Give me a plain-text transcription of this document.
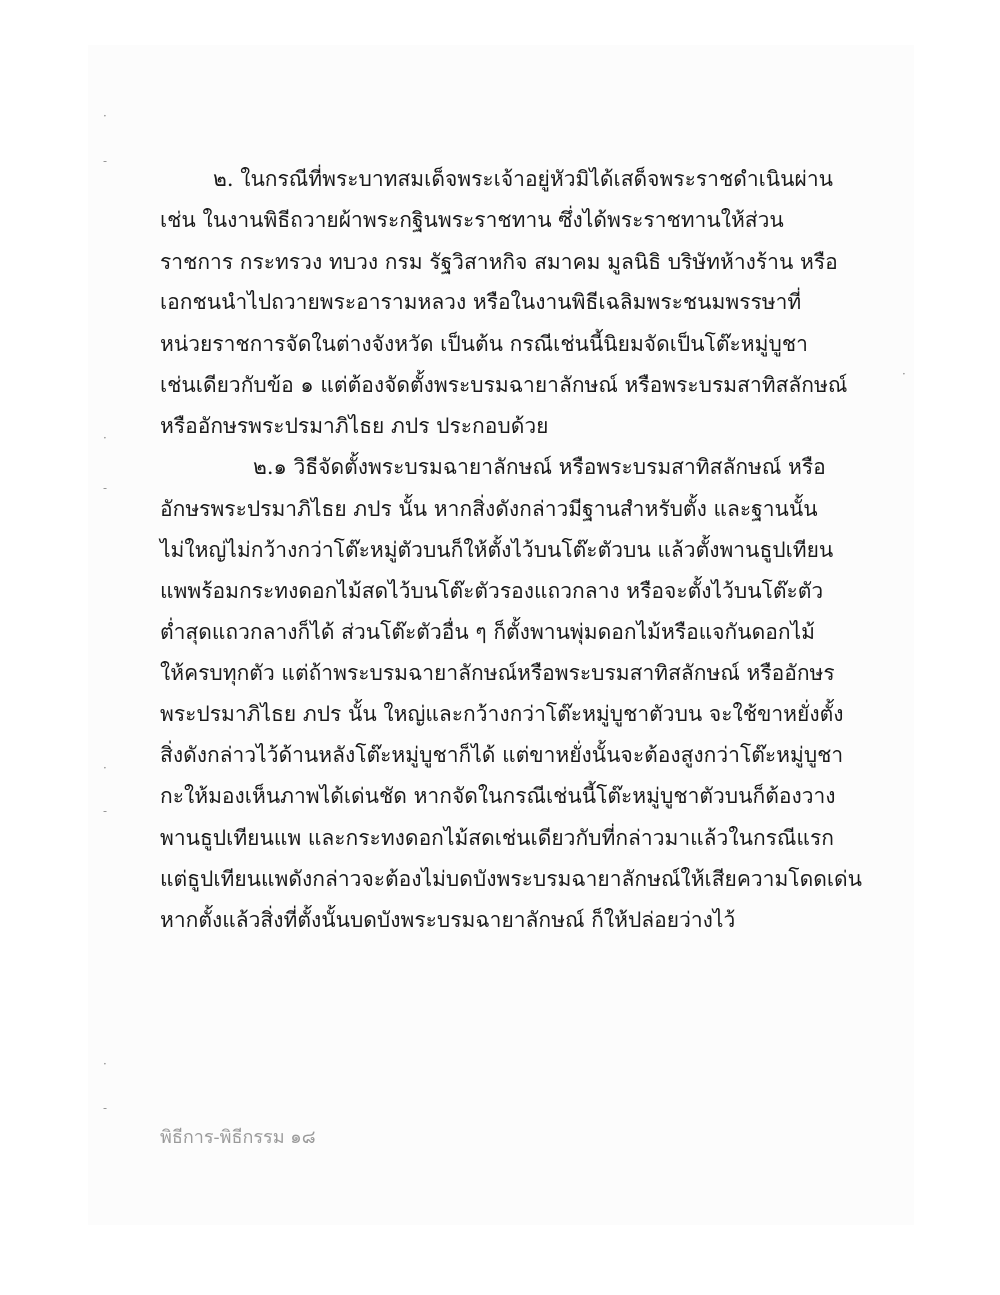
·
‐
·
‐
·
‐
·
‐
·
๒. ในกรณีที่พระบาทสมเด็จพระเจ้าอยู่หัวมิได้เสด็จพระราชดำเนินผ่าน
เช่น ในงานพิธีถวายผ้าพระกฐินพระราชทาน ซึ่งได้พระราชทานให้ส่วน
ราชการ กระทรวง ทบวง กรม รัฐวิสาหกิจ สมาคม มูลนิธิ บริษัทห้างร้าน หรือ
เอกชนนำไปถวายพระอารามหลวง หรือในงานพิธีเฉลิมพระชนมพรรษาที่
หน่วยราชการจัดในต่างจังหวัด เป็นต้น กรณีเช่นนี้นิยมจัดเป็นโต๊ะหมู่บูชา
เช่นเดียวกับข้อ ๑ แต่ต้องจัดตั้งพระบรมฉายาลักษณ์ หรือพระบรมสาทิสลักษณ์
หรืออักษรพระปรมาภิไธย ภปร ประกอบด้วย
๒.๑ วิธีจัดตั้งพระบรมฉายาลักษณ์ หรือพระบรมสาทิสลักษณ์ หรือ
อักษรพระปรมาภิไธย ภปร นั้น หากสิ่งดังกล่าวมีฐานสำหรับตั้ง และฐานนั้น
ไม่ใหญ่ไม่กว้างกว่าโต๊ะหมู่ตัวบนก็ให้ตั้งไว้บนโต๊ะตัวบน แล้วตั้งพานธูปเทียน
แพพร้อมกระทงดอกไม้สดไว้บนโต๊ะตัวรองแถวกลาง หรือจะตั้งไว้บนโต๊ะตัว
ต่ำสุดแถวกลางก็ได้ ส่วนโต๊ะตัวอื่น ๆ ก็ตั้งพานพุ่มดอกไม้หรือแจกันดอกไม้
ให้ครบทุกตัว แต่ถ้าพระบรมฉายาลักษณ์หรือพระบรมสาทิสลักษณ์ หรืออักษร
พระปรมาภิไธย ภปร นั้น ใหญ่และกว้างกว่าโต๊ะหมู่บูชาตัวบน จะใช้ขาหยั่งตั้ง
สิ่งดังกล่าวไว้ด้านหลังโต๊ะหมู่บูชาก็ได้ แต่ขาหยั่งนั้นจะต้องสูงกว่าโต๊ะหมู่บูชา
กะให้มองเห็นภาพได้เด่นชัด หากจัดในกรณีเช่นนี้โต๊ะหมู่บูชาตัวบนก็ต้องวาง
พานธูปเทียนแพ และกระทงดอกไม้สดเช่นเดียวกับที่กล่าวมาแล้วในกรณีแรก
แต่ธูปเทียนแพดังกล่าวจะต้องไม่บดบังพระบรมฉายาลักษณ์ให้เสียความโดดเด่น
หากตั้งแล้วสิ่งที่ตั้งนั้นบดบังพระบรมฉายาลักษณ์ ก็ให้ปล่อยว่างไว้
พิธีการ-พิธีกรรม ๑๘
